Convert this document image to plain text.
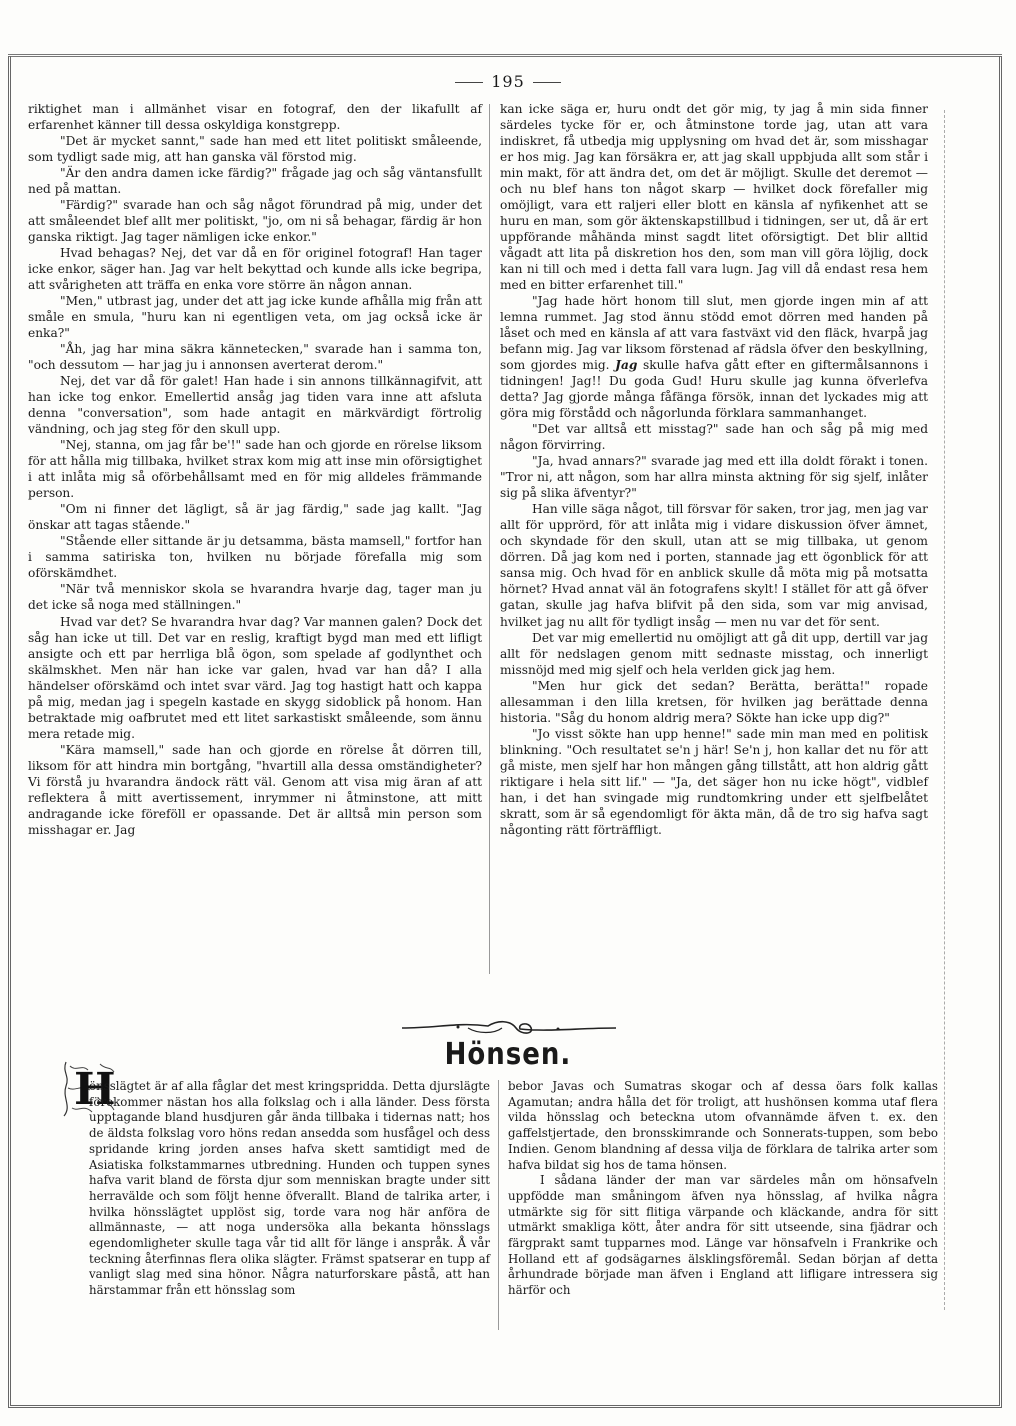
195

riktighet man i allmänhet visar en fotograf, den der likafullt af erfarenhet känner till dessa oskyldiga konstgrepp.

"Det är mycket sannt," sade han med ett litet politiskt småleende, som tydligt sade mig, att han ganska väl förstod mig.

"Är den andra damen icke färdig?" frågade jag och såg väntansfullt ned på mattan.

"Färdig?" svarade han och såg något förundrad på mig, under det att småleendet blef allt mer politiskt, "jo, om ni så behagar, färdig är hon ganska riktigt. Jag tager nämligen icke enkor."

Hvad behagas? Nej, det var då en för originel fotograf! Han tager icke enkor, säger han. Jag var helt bekyttad och kunde alls icke begripa, att svårigheten att träffa en enka vore större än någon annan.

"Men," utbrast jag, under det att jag icke kunde afhålla mig från att småle en smula, "huru kan ni egentligen veta, om jag också icke är enka?"

"Åh, jag har mina säkra kännetecken," svarade han i samma ton, "och dessutom — har jag ju i annonsen averterat derom."

Nej, det var då för galet! Han hade i sin annons tillkännagifvit, att han icke tog enkor. Emellertid ansåg jag tiden vara inne att afsluta denna "conversation", som hade antagit en märkvärdigt förtrolig vändning, och jag steg för den skull upp.

"Nej, stanna, om jag får be'!" sade han och gjorde en rörelse liksom för att hålla mig tillbaka, hvilket strax kom mig att inse min oförsigtighet i att inlåta mig så oförbehållsamt med en för mig alldeles främmande person.

"Om ni finner det lägligt, så är jag färdig," sade jag kallt. "Jag önskar att tagas stående."

"Stående eller sittande är ju detsamma, bästa mamsell," fortfor han i samma satiriska ton, hvilken nu började förefalla mig som oförskämdhet.

"När två menniskor skola se hvarandra hvarje dag, tager man ju det icke så noga med ställningen."

Hvad var det? Se hvarandra hvar dag? Var mannen galen? Dock det såg han icke ut till. Det var en reslig, kraftigt bygd man med ett lifligt ansigte och ett par herrliga blå ögon, som spelade af godlynthet och skälmskhet. Men när han icke var galen, hvad var han då? I alla händelser oförskämd och intet svar värd. Jag tog hastigt hatt och kappa på mig, medan jag i spegeln kastade en skygg sidoblick på honom. Han betraktade mig oafbrutet med ett litet sarkastiskt småleende, som ännu mera retade mig.

"Kära mamsell," sade han och gjorde en rörelse åt dörren till, liksom för att hindra min bortgång, "hvartill alla dessa omständigheter? Vi förstå ju hvarandra ändock rätt väl. Genom att visa mig äran af att reflektera å mitt avertissement, inrymmer ni åtminstone, att mitt andragande icke föreföll er opassande. Det är alltså min person som misshagar er. Jag

kan icke säga er, huru ondt det gör mig, ty jag å min sida finner särdeles tycke för er, och åtminstone torde jag, utan att vara indiskret, få utbedja mig upplysning om hvad det är, som misshagar er hos mig. Jag kan försäkra er, att jag skall uppbjuda allt som står i min makt, för att ändra det, om det är möjligt. Skulle det deremot — och nu blef hans ton något skarp — hvilket dock förefaller mig omöjligt, vara ett raljeri eller blott en känsla af nyfikenhet att se huru en man, som gör äktenskapstillbud i tidningen, ser ut, då är ert uppförande måhända minst sagdt litet oförsigtigt. Det blir alltid vågadt att lita på diskretion hos den, som man vill göra löjlig, dock kan ni till och med i detta fall vara lugn. Jag vill då endast resa hem med en bitter erfarenhet till."

"Jag hade hört honom till slut, men gjorde ingen min af att lemna rummet. Jag stod ännu stödd emot dörren med handen på låset och med en känsla af att vara fastväxt vid den fläck, hvarpå jag befann mig. Jag var liksom förstenad af rädsla öfver den beskyllning, som gjordes mig. Jag skulle hafva gått efter en giftermålsannons i tidningen! Jag!! Du goda Gud! Huru skulle jag kunna öfverlefva detta? Jag gjorde många fåfänga försök, innan det lyckades mig att göra mig förstådd och någorlunda förklara sammanhanget.

"Det var alltså ett misstag?" sade han och såg på mig med någon förvirring.

"Ja, hvad annars?" svarade jag med ett illa doldt förakt i tonen. "Tror ni, att någon, som har allra minsta aktning för sig sjelf, inlåter sig på slika äfventyr?"

Han ville säga något, till försvar för saken, tror jag, men jag var allt för upprörd, för att inlåta mig i vidare diskussion öfver ämnet, och skyndade för den skull, utan att se mig tillbaka, ut genom dörren. Då jag kom ned i porten, stannade jag ett ögonblick för att sansa mig. Och hvad för en anblick skulle då möta mig på motsatta hörnet? Hvad annat väl än fotografens skylt! I stället för att gå öfver gatan, skulle jag hafva blifvit på den sida, som var mig anvisad, hvilket jag nu allt för tydligt insåg — men nu var det för sent.

Det var mig emellertid nu omöjligt att gå dit upp, dertill var jag allt för nedslagen genom mitt sednaste misstag, och innerligt missnöjd med mig sjelf och hela verlden gick jag hem.

"Men hur gick det sedan? Berätta, berätta!" ropade allesamman i den lilla kretsen, för hvilken jag berättade denna historia. "Såg du honom aldrig mera? Sökte han icke upp dig?"

"Jo visst sökte han upp henne!" sade min man med en politisk blinkning. "Och resultatet se'n j här! Se'n j, hon kallar det nu för att gå miste, men sjelf har hon mången gång tillstått, att hon aldrig gått riktigare i hela sitt lif." — "Ja, det säger hon nu icke högt", vidblef han, i det han svingade mig rundtomkring under ett sjelfbelåtet skratt, som är så egendomligt för äkta män, då de tro sig hafva sagt någonting rätt förträffligt.

Hönsen.
H

önsslägtet är af alla fåglar det mest kringspriddа. Detta djurslägte förekommer nästan hos alla folkslag och i alla länder. Dess första upptagande bland husdjuren går ända tillbaka i tidernas natt; hos de äldsta folkslag voro höns redan ansedda som husfågel och dess spridande kring jorden anses hafva skett samtidigt med de Asiatiska folkstammarnes utbredning. Hunden och tuppen synes hafva varit bland de första djur som menniskan bragte under sitt herravälde och som följt henne öfverallt. Bland de talrika arter, i hvilka hönsslägtet upplöst sig, torde vara nog här anföra de allmännaste, — att noga undersöka alla bekanta hönsslags egendomligheter skulle taga vår tid allt för länge i anspråk. Å vår teckning återfinnas flera olika slägter. Främst spatserar en tupp af vanligt slag med sina hönor. Några naturforskare påstå, att han härstammar från ett hönsslag som

bebor Javas och Sumatras skogar och af dessa öars folk kallas Agamutan; andra hålla det för troligt, att hushönsen komma utaf flera vilda hönsslag och beteckna utom ofvannämde äfven t. ex. den gaffelstjertade, den bronsskimrande och Sonnerats-tuppen, som bebo Indien. Genom blandning af dessa vilja de förklara de talrika arter som hafva bildat sig hos de tama hönsen.

I sådana länder der man var särdeles mån om hönsafveln uppfödde man småningom äfven nya hönsslag, af hvilka några utmärkte sig för sitt flitiga värpande och kläckande, andra för sitt utmärkt smakliga kött, åter andra för sitt utseende, sina fjädrar och färgprakt samt tupparnes mod. Länge var hönsafveln i Frankrike och Holland ett af godsägarnes älsklingsföremål. Sedan början af detta århundrade började man äfven i England att lifligare intressera sig härför och
